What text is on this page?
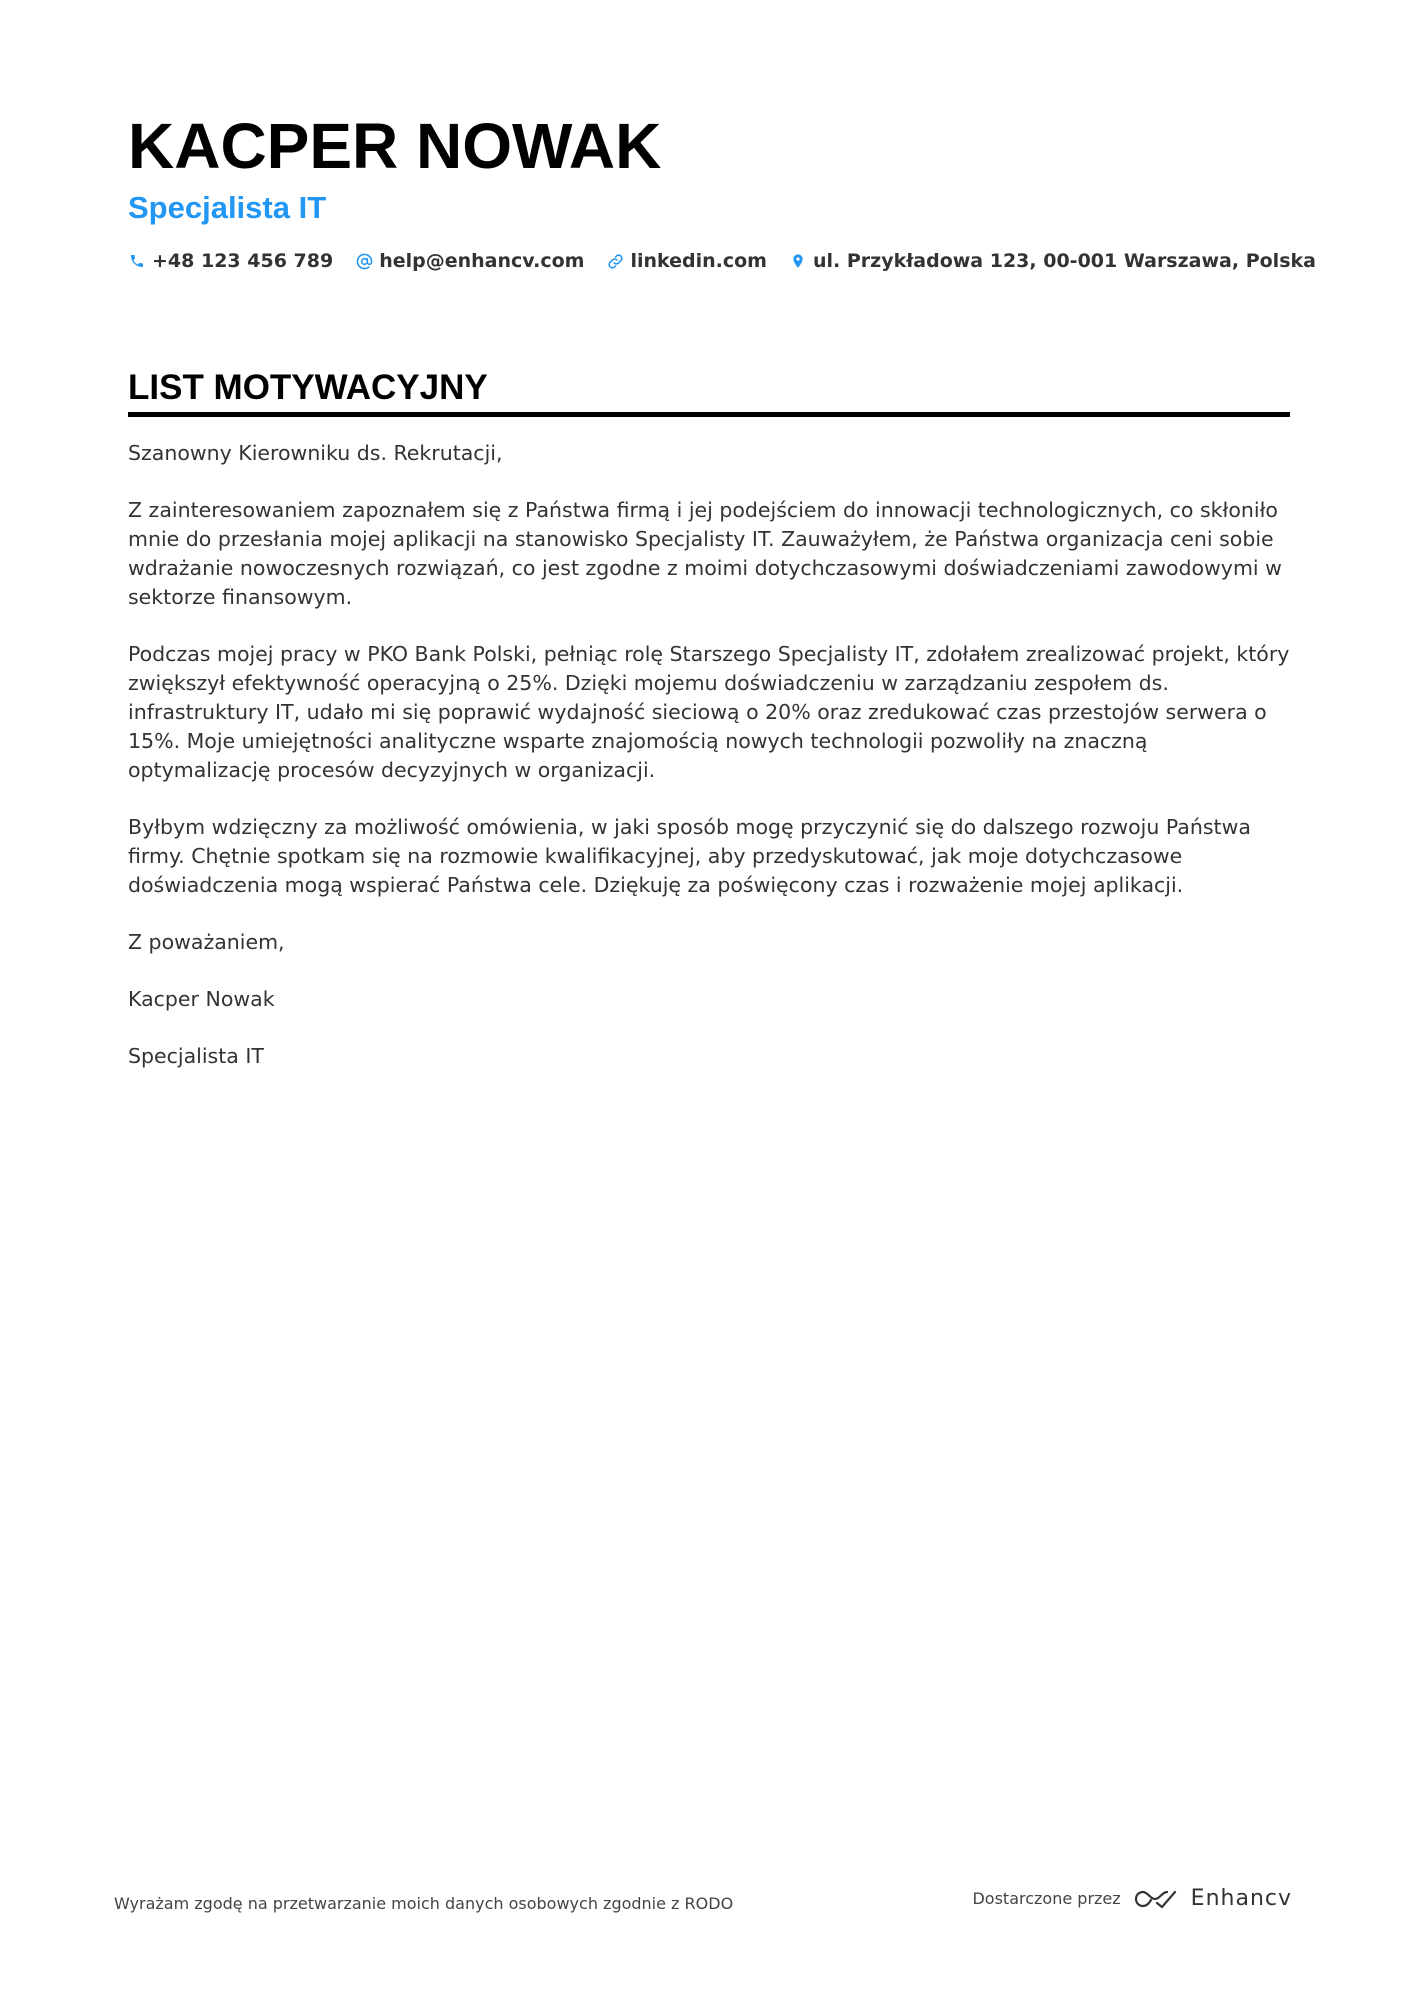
KACPER NOWAK
Specjalista IT
+48 123 456 789 help@enhancv.com linkedin.com ul. Przykładowa 123, 00-001 Warszawa, Polska
LIST MOTYWACYJNY

Szanowny Kierowniku ds. Rekrutacji,

Z zainteresowaniem zapoznałem się z Państwa firmą i jej podejściem do innowacji technologicznych, co skłoniło mnie do przesłania mojej aplikacji na stanowisko Specjalisty IT. Zauważyłem, że Państwa organizacja ceni sobie wdrażanie nowoczesnych rozwiązań, co jest zgodne z moimi dotychczasowymi doświadczeniami zawodowymi w sektorze finansowym.

Podczas mojej pracy w PKO Bank Polski, pełniąc rolę Starszego Specjalisty IT, zdołałem zrealizować projekt, który zwiększył efektywność operacyjną o 25%. Dzięki mojemu doświadczeniu w zarządzaniu zespołem ds. infrastruktury IT, udało mi się poprawić wydajność sieciową o 20% oraz zredukować czas przestojów serwera o 15%. Moje umiejętności analityczne wsparte znajomością nowych technologii pozwoliły na znaczną optymalizację procesów decyzyjnych w organizacji.

Byłbym wdzięczny za możliwość omówienia, w jaki sposób mogę przyczynić się do dalszego rozwoju Państwa firmy. Chętnie spotkam się na rozmowie kwalifikacyjnej, aby przedyskutować, jak moje dotychczasowe doświadczenia mogą wspierać Państwa cele. Dziękuję za poświęcony czas i rozważenie mojej aplikacji.

Z poważaniem,

Kacper Nowak

Specjalista IT

Wyrażam zgodę na przetwarzanie moich danych osobowych zgodnie z RODO	Dostarczone przez	Enhancv
